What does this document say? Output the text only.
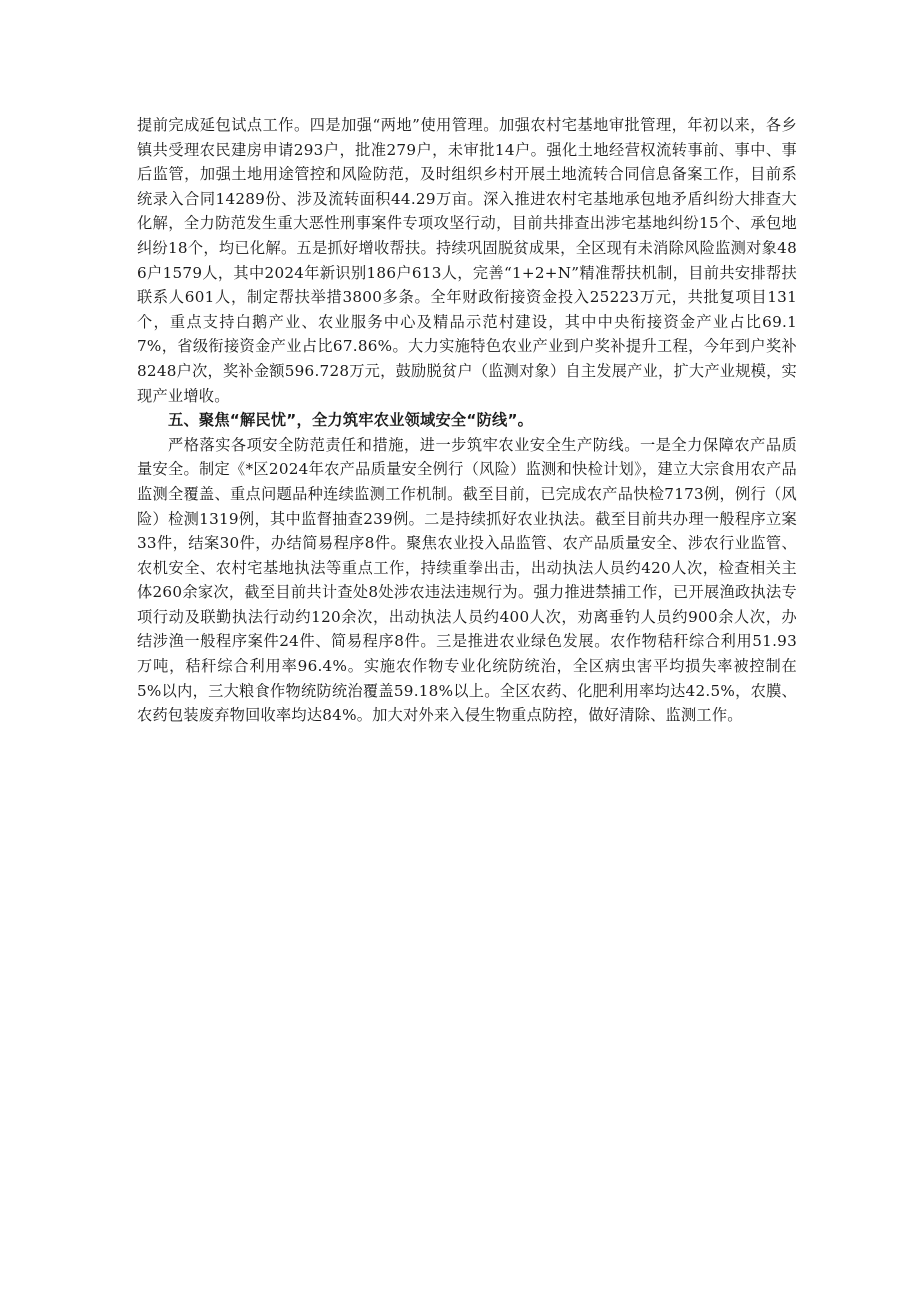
提前完成延包试点工作。四是加强“两地”使用管理。加强农村宅基地审批管理，年初以来，各乡镇共受理农民建房申请293户，批准279户，未审批14户。强化土地经营权流转事前、事中、事后监管，加强土地用途管控和风险防范，及时组织乡村开展土地流转合同信息备案工作，目前系统录入合同14289份、涉及流转面积44.29万亩。深入推进农村宅基地承包地矛盾纠纷大排查大化解，全力防范发生重大恶性刑事案件专项攻坚行动，目前共排查出涉宅基地纠纷15个、承包地纠纷18个，均已化解。五是抓好增收帮扶。持续巩固脱贫成果，全区现有未消除风险监测对象486户1579人，其中2024年新识别186户613人，完善“1+2+N”精准帮扶机制，目前共安排帮扶联系人601人，制定帮扶举措3800多条。全年财政衔接资金投入25223万元，共批复项目131个，重点支持白鹅产业、农业服务中心及精品示范村建设，其中中央衔接资金产业占比69.17%，省级衔接资金产业占比67.86%。大力实施特色农业产业到户奖补提升工程，今年到户奖补8248户次，奖补金额596.728万元，鼓励脱贫户（监测对象）自主发展产业，扩大产业规模，实现产业增收。

五、聚焦“解民忧”，全力筑牢农业领域安全“防线”。

严格落实各项安全防范责任和措施，进一步筑牢农业安全生产防线。一是全力保障农产品质量安全。制定《*区2024年农产品质量安全例行（风险）监测和快检计划》，建立大宗食用农产品监测全覆盖、重点问题品种连续监测工作机制。截至目前，已完成农产品快检7173例，例行（风险）检测1319例，其中监督抽查239例。二是持续抓好农业执法。截至目前共办理一般程序立案33件，结案30件，办结简易程序8件。聚焦农业投入品监管、农产品质量安全、涉农行业监管、农机安全、农村宅基地执法等重点工作，持续重拳出击，出动执法人员约420人次，检查相关主体260余家次，截至目前共计查处8处涉农违法违规行为。强力推进禁捕工作，已开展渔政执法专项行动及联勤执法行动约120余次，出动执法人员约400人次，劝离垂钓人员约900余人次，办结涉渔一般程序案件24件、简易程序8件。三是推进农业绿色发展。农作物秸秆综合利用51.93万吨，秸秆综合利用率96.4%。实施农作物专业化统防统治，全区病虫害平均损失率被控制在5%以内，三大粮食作物统防统治覆盖59.18%以上。全区农药、化肥利用率均达42.5%，农膜、农药包装废弃物回收率均达84%。加大对外来入侵生物重点防控，做好清除、监测工作。
